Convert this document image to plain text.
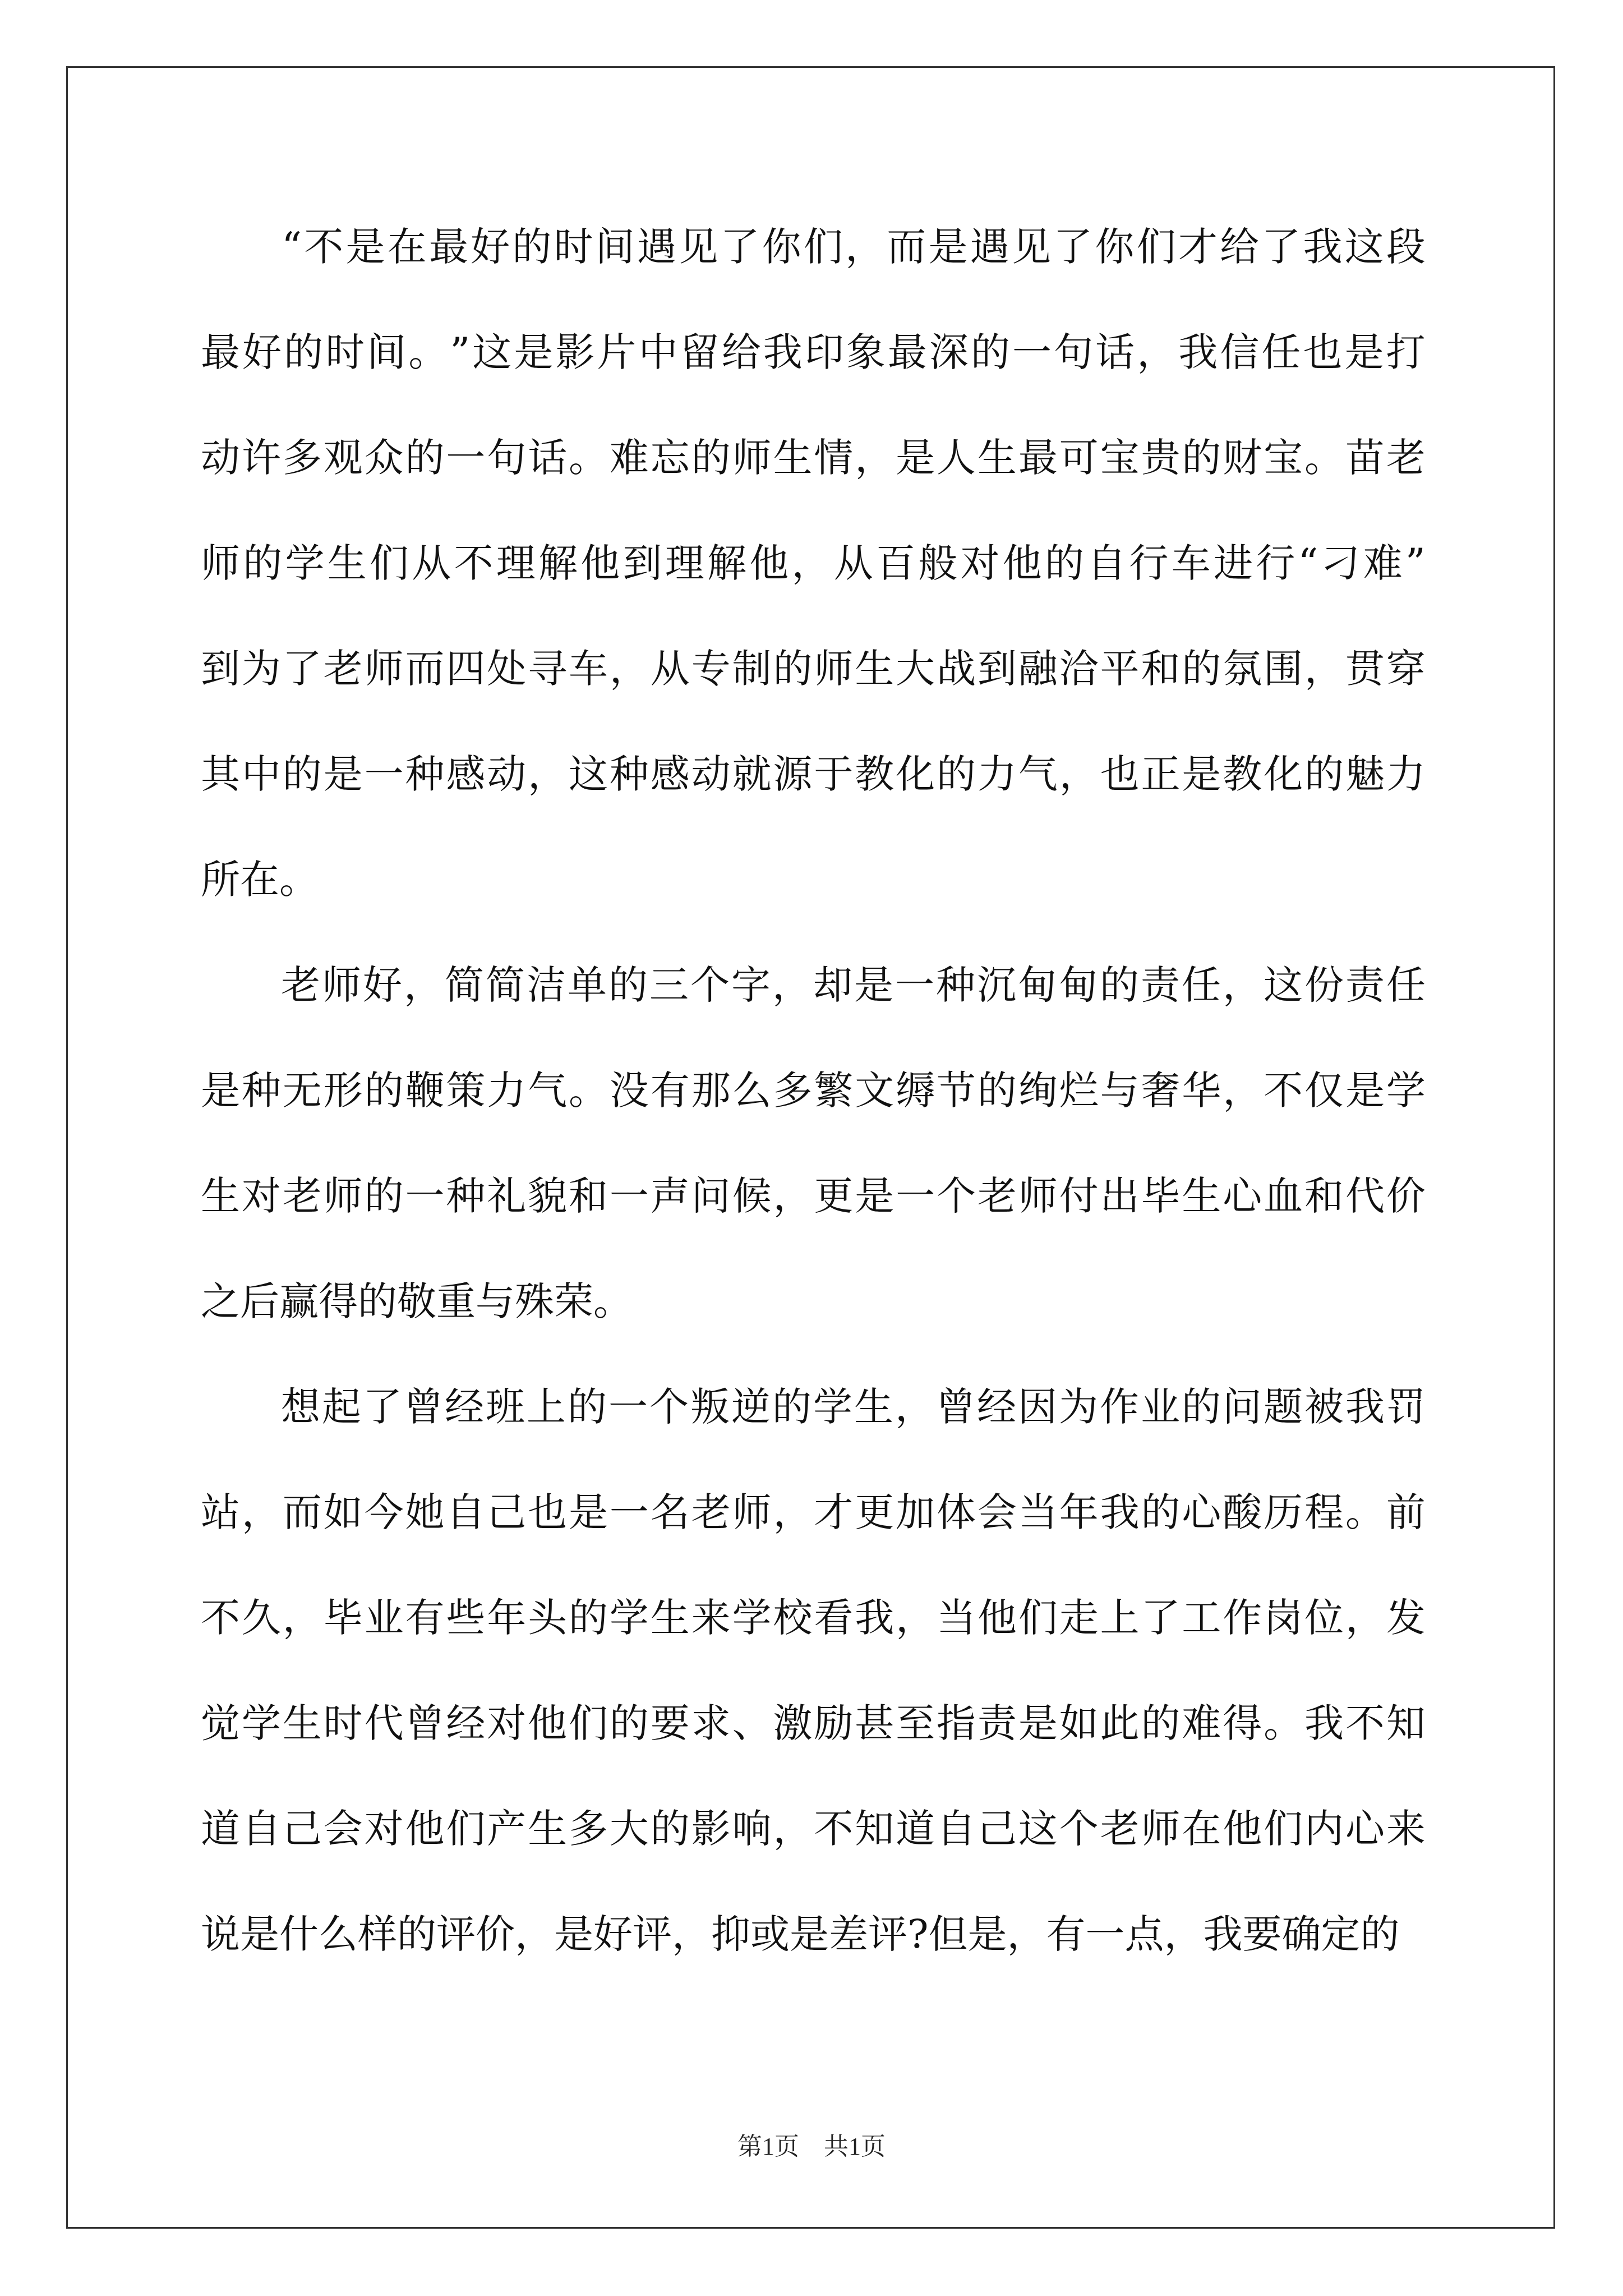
“ 不 是 在 最 好 的 时 间 遇 见 了 你 们 ， 而 是 遇 见 了 你 们 才 给 了 我 这 段
最 好 的 时 间 。 ” 这 是 影 片 中 留 给 我 印 象 最 深 的 一 句 话 ， 我 信 任 也 是 打
动 许 多 观 众 的 一 句 话 。 难 忘 的 师 生 情 ， 是 人 生 最 可 宝 贵 的 财 宝 。 苗 老
师 的 学 生 们 从 不 理 解 他 到 理 解 他 ， 从 百 般 对 他 的 自 行 车 进 行 “ 刁 难 ”
到 为 了 老 师 而 四 处 寻 车 ， 从 专 制 的 师 生 大 战 到 融 洽 平 和 的 氛 围 ， 贯 穿
其 中 的 是 一 种 感 动 ， 这 种 感 动 就 源 于 教 化 的 力 气 ， 也 正 是 教 化 的 魅 力
所 在 。

老 师 好 ， 简 简 洁 单 的 三 个 字 ， 却 是 一 种 沉 甸 甸 的 责 任 ， 这 份 责 任
是 种 无 形 的 鞭 策 力 气 。 没 有 那 么 多 繁 文 缛 节 的 绚 烂 与 奢 华 ， 不 仅 是 学
生 对 老 师 的 一 种 礼 貌 和 一 声 问 候 ， 更 是 一 个 老 师 付 出 毕 生 心 血 和 代 价
之 后 赢 得 的 敬 重 与 殊 荣 。

想 起 了 曾 经 班 上 的 一 个 叛 逆 的 学 生 ， 曾 经 因 为 作 业 的 问 题 被 我 罚
站 ， 而 如 今 她 自 己 也 是 一 名 老 师 ， 才 更 加 体 会 当 年 我 的 心 酸 历 程 。 前
不 久 ， 毕 业 有 些 年 头 的 学 生 来 学 校 看 我 ， 当 他 们 走 上 了 工 作 岗 位 ， 发
觉 学 生 时 代 曾 经 对 他 们 的 要 求 、 激 励 甚 至 指 责 是 如 此 的 难 得 。 我 不 知
道 自 己 会 对 他 们 产 生 多 大 的 影 响 ， 不 知 道 自 己 这 个 老 师 在 他 们 内 心 来
说 是 什 么 样 的 评 价 ， 是 好 评 ， 抑 或 是 差 评 ? 但 是 ， 有 一 点 ， 我 要 确 定 的
第1页　共1页
